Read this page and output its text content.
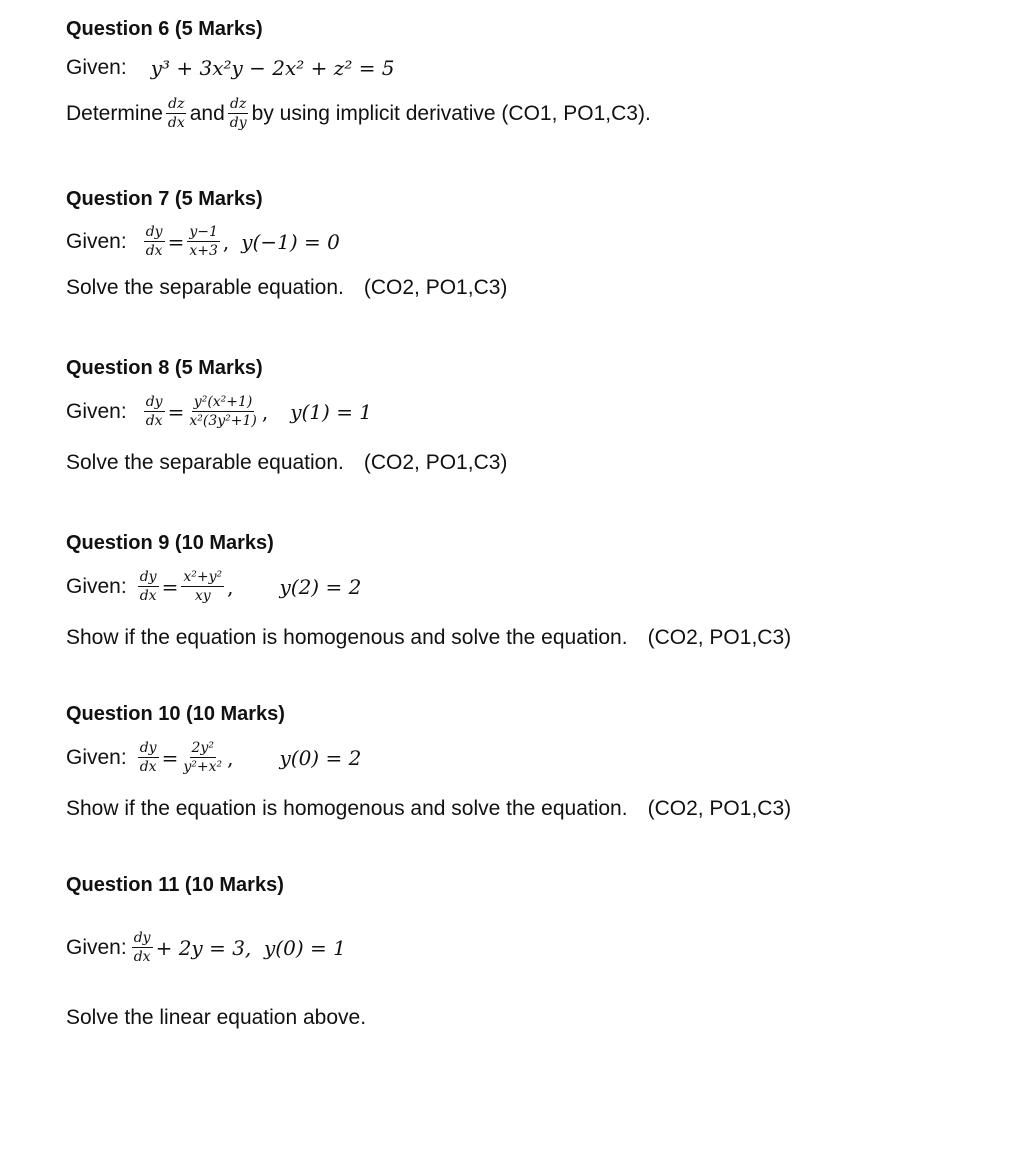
Question 6 (5 Marks)
Given: y³ + 3x²y − 2x² + z² = 5
Determine $\frac{dz}{dx}$ and $\frac{dz}{dy}$ by using implicit derivative (CO1, PO1,C3).
Question 7 (5 Marks)
Given: $\frac{dy}{dx} = \frac{y-1}{x+3}$ , y(−1) = 0
Solve the separable equation. (CO2, PO1,C3)
Question 8 (5 Marks)
Given: $\frac{dy}{dx} = \frac{\text{y²(x²+1)}}{\text{x²(3y²+1)}}$ , y(1) = 1
Solve the separable equation. (CO2, PO1,C3)
Question 9 (10 Marks)
Given: $\frac{dy}{dx} = \frac{\text{x²+y²}}{xy}$ , y(2) = 2
Show if the equation is homogenous and solve the equation. (CO2, PO1,C3)
Question 10 (10 Marks)
Given: $\frac{dy}{dx} = \frac{\text{2y²}}{\text{y²+x²}}$ , y(0) = 2
Show if the equation is homogenous and solve the equation. (CO2, PO1,C3)
Question 11 (10 Marks)
Given: $\frac{dy}{dx} + 2y = 3$,  y(0) = 1
Solve the linear equation above.
